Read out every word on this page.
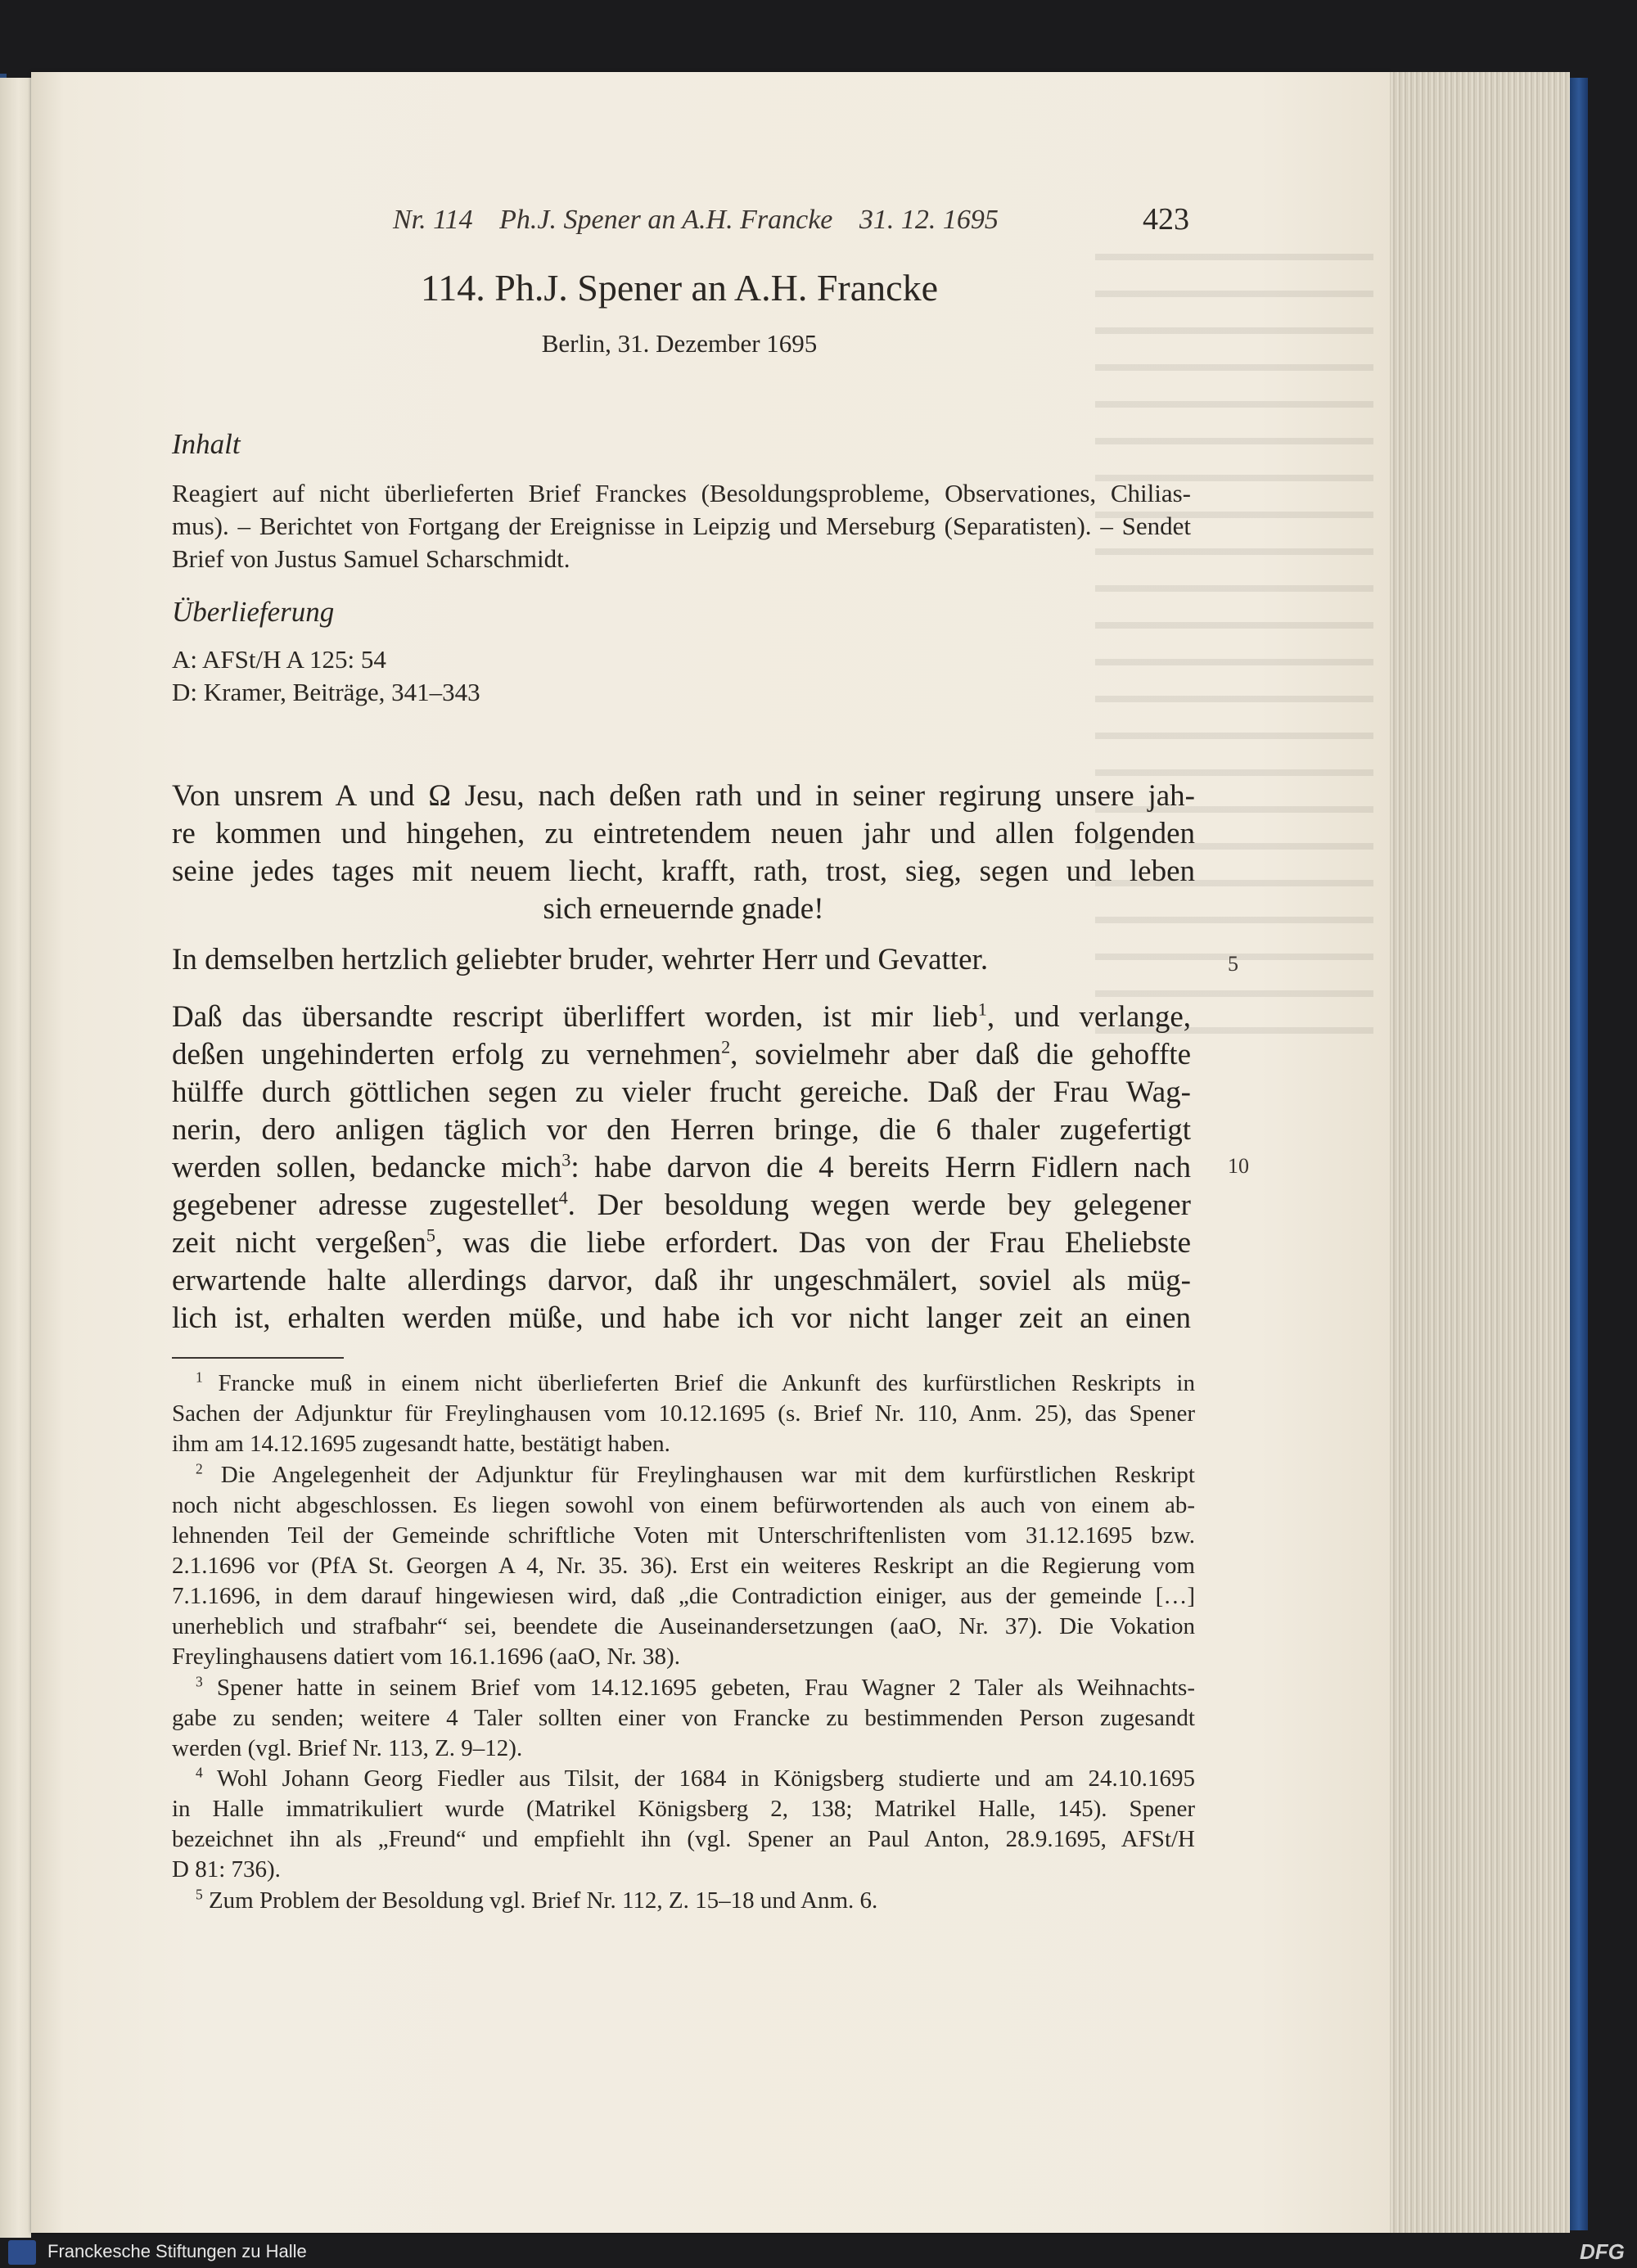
Nr. 114 Ph.J. Spener an A.H. Francke 31. 12. 1695	423
114. Ph.J. Spener an A.H. Francke
Berlin, 31. Dezember 1695
Inhalt
Reagiert auf nicht überlieferten Brief Franckes (Besoldungsprobleme, Observationes, Chilias-
mus). – Berichtet von Fortgang der Ereignisse in Leipzig und Merseburg (Separatisten). – Sendet
Brief von Justus Samuel Scharschmidt.
Überlieferung
A: AFSt/H A 125: 54
D: Kramer, Beiträge, 341–343
Von unsrem A und Ω Jesu, nach deßen rath und in seiner regirung unsere jah-
re kommen und hingehen, zu eintretendem neuen jahr und allen folgenden
seine jedes tages mit neuem liecht, krafft, rath, trost, sieg, segen und leben
sich erneuernde gnade!
In demselben hertzlich geliebter bruder, wehrter Herr und Gevatter.	5
Daß das übersandte rescript überliffert worden, ist mir lieb$^1$, und verlange,
deßen ungehinderten erfolg zu vernehmen$^2$, sovielmehr aber daß die gehoffte
hülffe durch göttlichen segen zu vieler frucht gereiche. Daß der Frau Wag-
nerin, dero anligen täglich vor den Herren bringe, die 6 thaler zugefertigt
werden sollen, bedancke mich$^3$: habe darvon die 4 bereits Herrn Fidlern nach
gegebener adresse zugestellet$^4$. Der besoldung wegen werde bey gelegener
zeit nicht vergeßen$^5$, was die liebe erfordert. Das von der Frau Eheliebste
erwartende halte allerdings darvor, daß ihr ungeschmälert, soviel als müg-
lich ist, erhalten werden müße, und habe ich vor nicht langer zeit an einen
10
 $^1$ Francke muß in einem nicht überlieferten Brief die Ankunft des kurfürstlichen Reskripts in
Sachen der Adjunktur für Freylinghausen vom 10.12.1695 (s. Brief Nr. 110, Anm. 25), das Spener
ihm am 14.12.1695 zugesandt hatte, bestätigt haben.
 $^2$ Die Angelegenheit der Adjunktur für Freylinghausen war mit dem kurfürstlichen Reskript
noch nicht abgeschlossen. Es liegen sowohl von einem befürwortenden als auch von einem ab-
lehnenden Teil der Gemeinde schriftliche Voten mit Unterschriftenlisten vom 31.12.1695 bzw.
2.1.1696 vor (PfA St. Georgen A 4, Nr. 35. 36). Erst ein weiteres Reskript an die Regierung vom
7.1.1696, in dem darauf hingewiesen wird, daß „die Contradiction einiger, aus der gemeinde […]
unerheblich und strafbahr“ sei, beendete die Auseinandersetzungen (aaO, Nr. 37). Die Vokation
Freylinghausens datiert vom 16.1.1696 (aaO, Nr. 38).
 $^3$ Spener hatte in seinem Brief vom 14.12.1695 gebeten, Frau Wagner 2 Taler als Weihnachts-
gabe zu senden; weitere 4 Taler sollten einer von Francke zu bestimmenden Person zugesandt
werden (vgl. Brief Nr. 113, Z. 9–12).
 $^4$ Wohl Johann Georg Fiedler aus Tilsit, der 1684 in Königsberg studierte und am 24.10.1695
in Halle immatrikuliert wurde (Matrikel Königsberg 2, 138; Matrikel Halle, 145). Spener
bezeichnet ihn als „Freund“ und empfiehlt ihn (vgl. Spener an Paul Anton, 28.9.1695, AFSt/H
D 81: 736).
 $^5$ Zum Problem der Besoldung vgl. Brief Nr. 112, Z. 15–18 und Anm. 6.
Franckesche Stiftungen zu Halle	DFG
